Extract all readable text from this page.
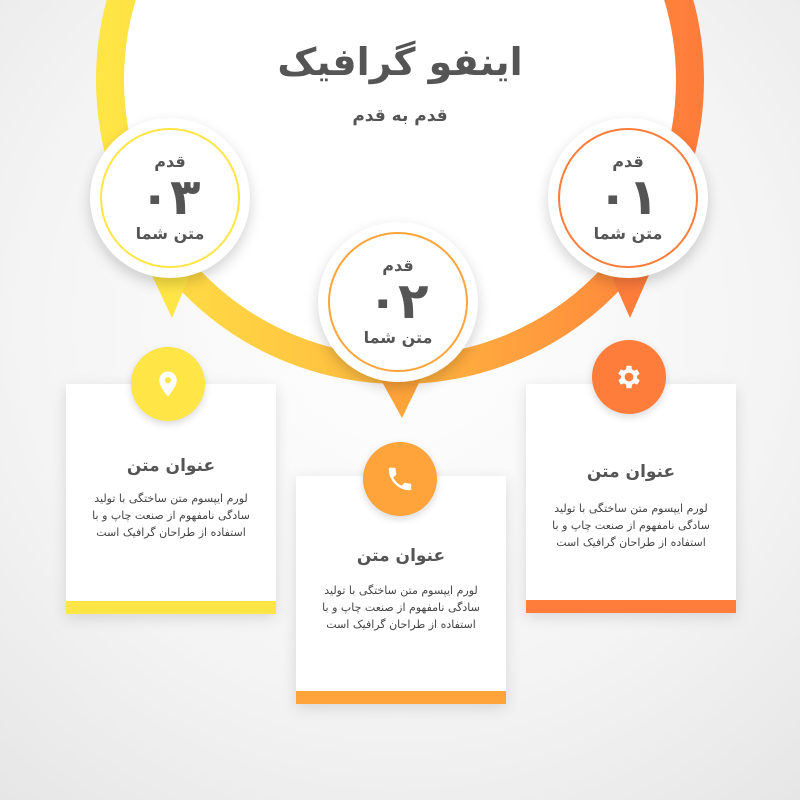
اینفو گرافیک
قدم به قدم
قدم
٠٣
متن شما
قدم
٠٢
متن شما
قدم
٠١
متن شما
عنوان متن
لورم ایپسوم متن ساختگی با تولید سادگی نامفهوم از صنعت چاپ و با استفاده از طراحان گرافیک است
عنوان متن
لورم ایپسوم متن ساختگی با تولید سادگی نامفهوم از صنعت چاپ و با استفاده از طراحان گرافیک است
عنوان متن
لورم ایپسوم متن ساختگی با تولید سادگی نامفهوم از صنعت چاپ و با استفاده از طراحان گرافیک است
